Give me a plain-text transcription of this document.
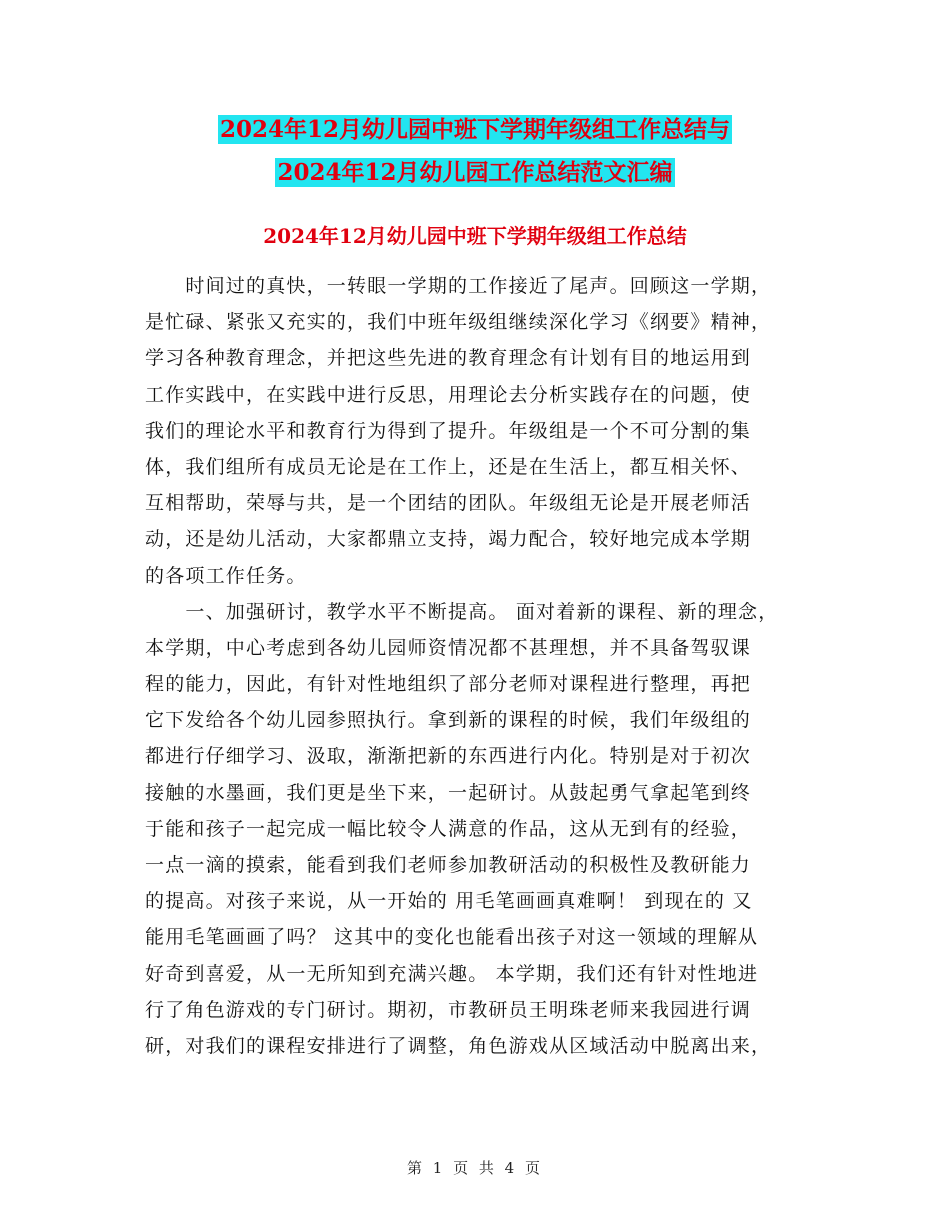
2024年12月幼儿园中班下学期年级组工作总结与
2024年12月幼儿园工作总结范文汇编
2024年12月幼儿园中班下学期年级组工作总结
　　时间过的真快，一转眼一学期的工作接近了尾声。回顾这一学期，
是忙碌、紧张又充实的，我们中班年级组继续深化学习《纲要》精神，
学习各种教育理念，并把这些先进的教育理念有计划有目的地运用到
工作实践中，在实践中进行反思，用理论去分析实践存在的问题，使
我们的理论水平和教育行为得到了提升。年级组是一个不可分割的集
体，我们组所有成员无论是在工作上，还是在生活上，都互相关怀、
互相帮助，荣辱与共，是一个团结的团队。年级组无论是开展老师活
动，还是幼儿活动，大家都鼎立支持，竭力配合，较好地完成本学期
的各项工作任务。
　　一、加强研讨，教学水平不断提高。 面对着新的课程、新的理念，
本学期，中心考虑到各幼儿园师资情况都不甚理想，并不具备驾驭课
程的能力，因此，有针对性地组织了部分老师对课程进行整理，再把
它下发给各个幼儿园参照执行。拿到新的课程的时候，我们年级组的
都进行仔细学习、汲取，渐渐把新的东西进行内化。特别是对于初次
接触的水墨画，我们更是坐下来，一起研讨。从鼓起勇气拿起笔到终
于能和孩子一起完成一幅比较令人满意的作品，这从无到有的经验，
一点一滴的摸索，能看到我们老师参加教研活动的积极性及教研能力
的提高。对孩子来说，从一开始的 用毛笔画画真难啊！ 到现在的 又
能用毛笔画画了吗？ 这其中的变化也能看出孩子对这一领域的理解从
好奇到喜爱，从一无所知到充满兴趣。 本学期，我们还有针对性地进
行了角色游戏的专门研讨。期初，市教研员王明珠老师来我园进行调
研，对我们的课程安排进行了调整，角色游戏从区域活动中脱离出来，
第 1 页 共 4 页
